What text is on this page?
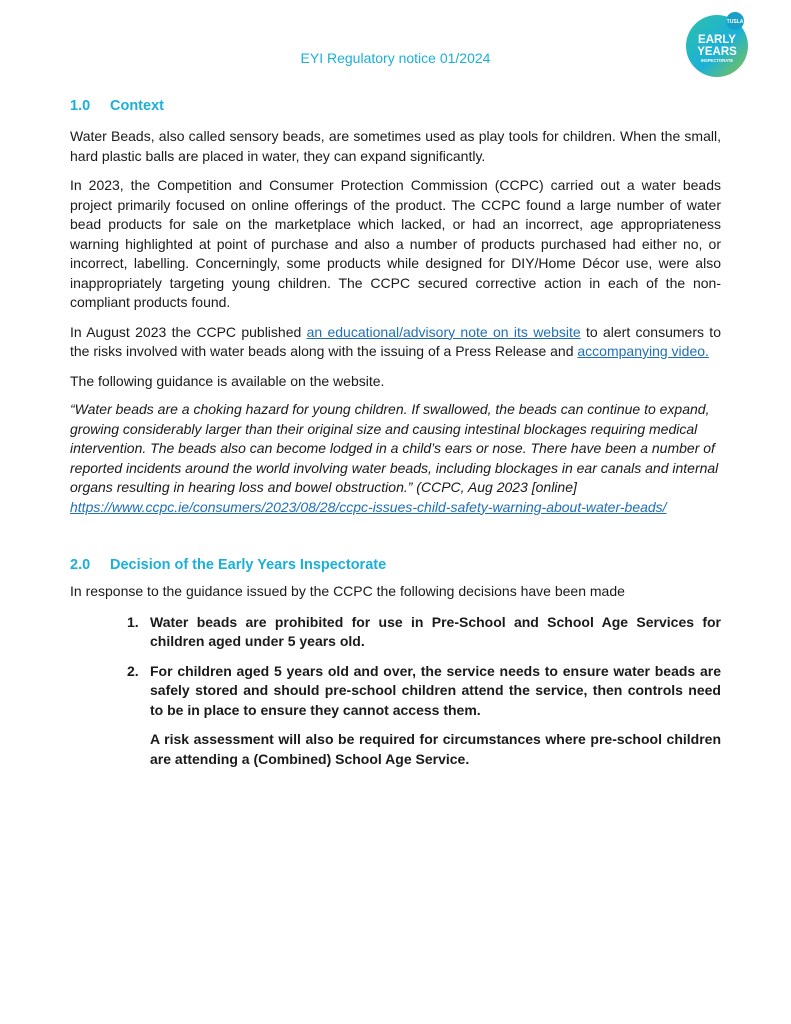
EYI Regulatory notice 01/2024
TUSLA
EARLY
YEARS
INSPECTORATE
1.0	Context

Water Beads, also called sensory beads, are sometimes used as play tools for children. When the small, hard plastic balls are placed in water, they can expand significantly.

In 2023, the Competition and Consumer Protection Commission (CCPC) carried out a water beads project primarily focused on online offerings of the product. The CCPC found a large number of water bead products for sale on the marketplace which lacked, or had an incorrect, age appropriateness warning highlighted at point of purchase and also a number of products purchased had either no, or incorrect, labelling. Concerningly, some products while designed for DIY/Home Décor use, were also inappropriately targeting young children. The CCPC secured corrective action in each of the non-compliant products found.

In August 2023 the CCPC published an educational/advisory note on its website to alert consumers to the risks involved with water beads along with the issuing of a Press Release and accompanying video.

The following guidance is available on the website.

“Water beads are a choking hazard for young children. If swallowed, the beads can continue to expand, growing considerably larger than their original size and causing intestinal blockages requiring medical intervention. The beads also can become lodged in a child’s ears or nose. There have been a number of reported incidents around the world involving water beads, including blockages in ear canals and internal organs resulting in hearing loss and bowel obstruction.” (CCPC, Aug 2023 [online] https://www.ccpc.ie/consumers/2023/08/28/ccpc-issues-child-safety-warning-about-water-beads/

2.0	Decision of the Early Years Inspectorate

In response to the guidance issued by the CCPC the following decisions have been made

1. Water beads are prohibited for use in Pre-School and School Age Services for children aged under 5 years old.
2. For children aged 5 years old and over, the service needs to ensure water beads are safely stored and should pre-school children attend the service, then controls need to be in place to ensure they cannot access them.
A risk assessment will also be required for circumstances where pre-school children are attending a (Combined) School Age Service.
